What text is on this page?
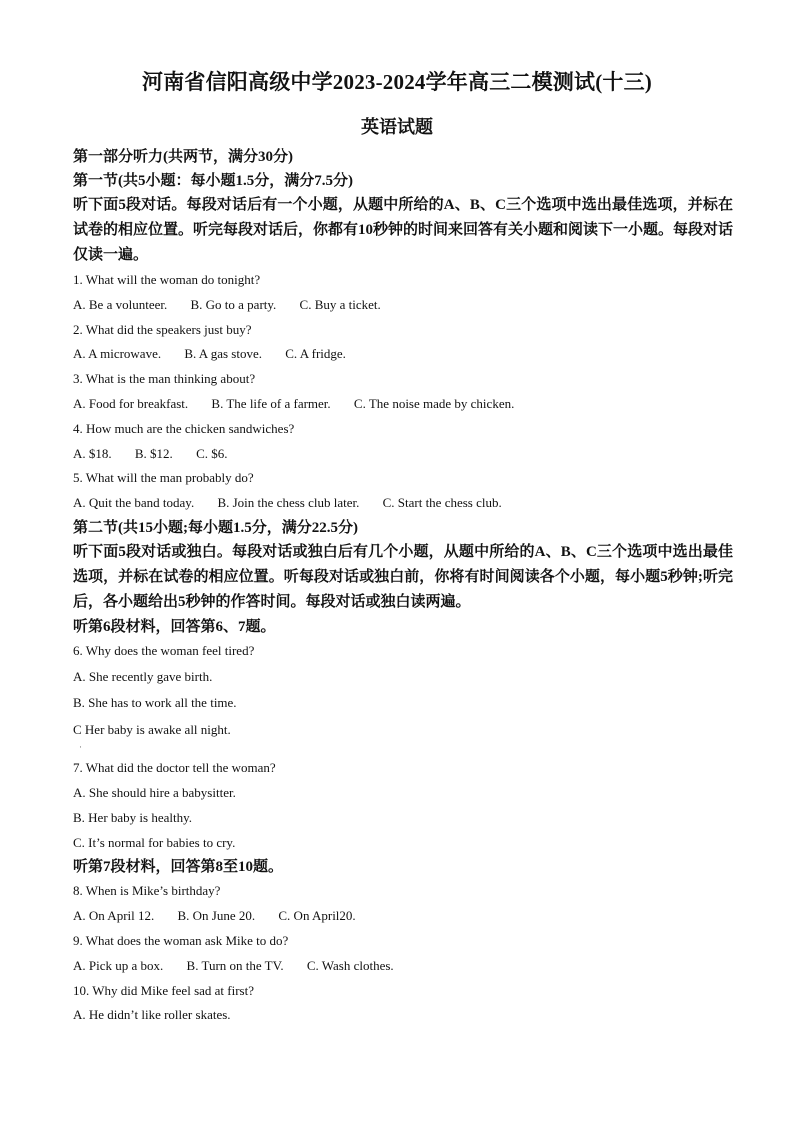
河南省信阳高级中学2023-2024学年高三二模测试(十三)
英语试题
第一部分听力(共两节，满分30分)
第一节(共5小题：每小题1.5分，满分7.5分)
听下面5段对话。每段对话后有一个小题，从题中所给的A、B、C三个选项中选出最佳选项，并标在试卷的相应位置。听完每段对话后，你都有10秒钟的时间来回答有关小题和阅读下一小题。每段对话仅读一遍。
1. What will the woman do tonight?
A. Be a volunteer. B. Go to a party. C. Buy a ticket.
2. What did the speakers just buy?
A. A microwave. B. A gas stove. C. A fridge.
3. What is the man thinking about?
A. Food for breakfast. B. The life of a farmer. C. The noise made by chicken.
4. How much are the chicken sandwiches?
A. $18. B. $12. C. $6.
5. What will the man probably do?
A. Quit the band today. B. Join the chess club later. C. Start the chess club.
第二节(共15小题;每小题1.5分，满分22.5分)
听下面5段对话或独白。每段对话或独白后有几个小题，从题中所给的A、B、C三个选项中选出最佳选项，并标在试卷的相应位置。听每段对话或独白前，你将有时间阅读各个小题，每小题5秒钟;听完后，各小题给出5秒钟的作答时间。每段对话或独白读两遍。
听第6段材料，回答第6、7题。
6. Why does the woman feel tired?
A. She recently gave birth.
B. She has to work all the time.
C Her baby is awake all night.
·
7. What did the doctor tell the woman?
A. She should hire a babysitter.
B. Her baby is healthy.
C. It’s normal for babies to cry.
听第7段材料，回答第8至10题。
8. When is Mike’s birthday?
A. On April 12. B. On June 20. C. On April20.
9. What does the woman ask Mike to do?
A. Pick up a box. B. Turn on the TV. C. Wash clothes.
10. Why did Mike feel sad at first?
A. He didn’t like roller skates.
